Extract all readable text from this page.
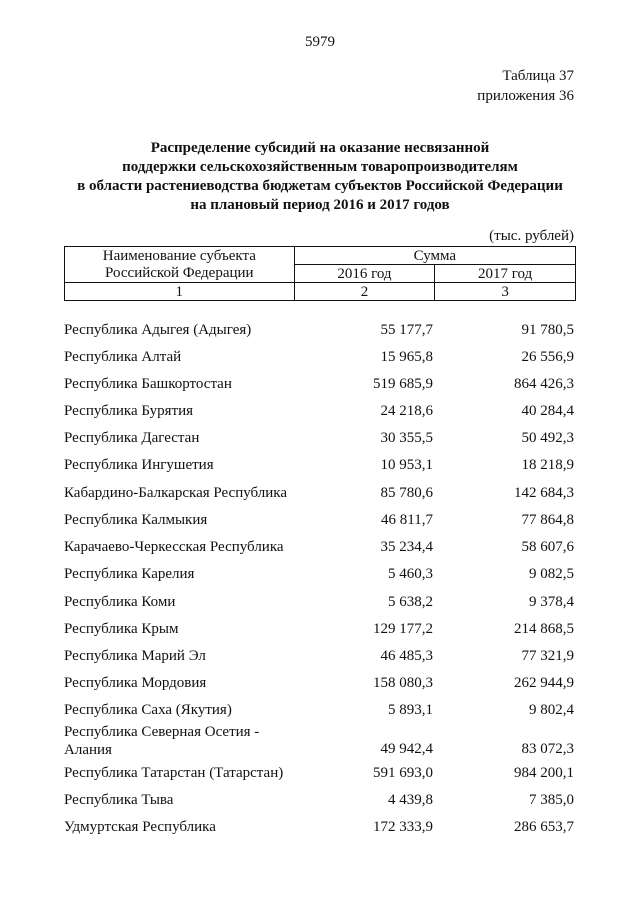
5979
Таблица 37
приложения 36
Распределение субсидий на оказание несвязанной
поддержки сельскохозяйственным товаропроизводителям
в области растениеводства бюджетам субъектов Российской Федерации
на плановый период 2016 и 2017 годов
(тыс. рублей)
Наименование субъекта
Российской Федерации	Сумма	
	2016 год	2017 год
1	2	3
Республика Адыгея (Адыгея)	55 177,7	91 780,5
Республика Алтай	15 965,8	26 556,9
Республика Башкортостан	519 685,9	864 426,3
Республика Бурятия	24 218,6	40 284,4
Республика Дагестан	30 355,5	50 492,3
Республика Ингушетия	10 953,1	18 218,9
Кабардино-Балкарская Республика	85 780,6	142 684,3
Республика Калмыкия	46 811,7	77 864,8
Карачаево-Черкесская Республика	35 234,4	58 607,6
Республика Карелия	5 460,3	9 082,5
Республика Коми	5 638,2	9 378,4
Республика Крым	129 177,2	214 868,5
Республика Марий Эл	46 485,3	77 321,9
Республика Мордовия	158 080,3	262 944,9
Республика Саха (Якутия)	5 893,1	9 802,4
Республика Северная Осетия -
Алания	49 942,4	83 072,3
Республика Татарстан (Татарстан)	591 693,0	984 200,1
Республика Тыва	4 439,8	7 385,0
Удмуртская Республика	172 333,9	286 653,7
